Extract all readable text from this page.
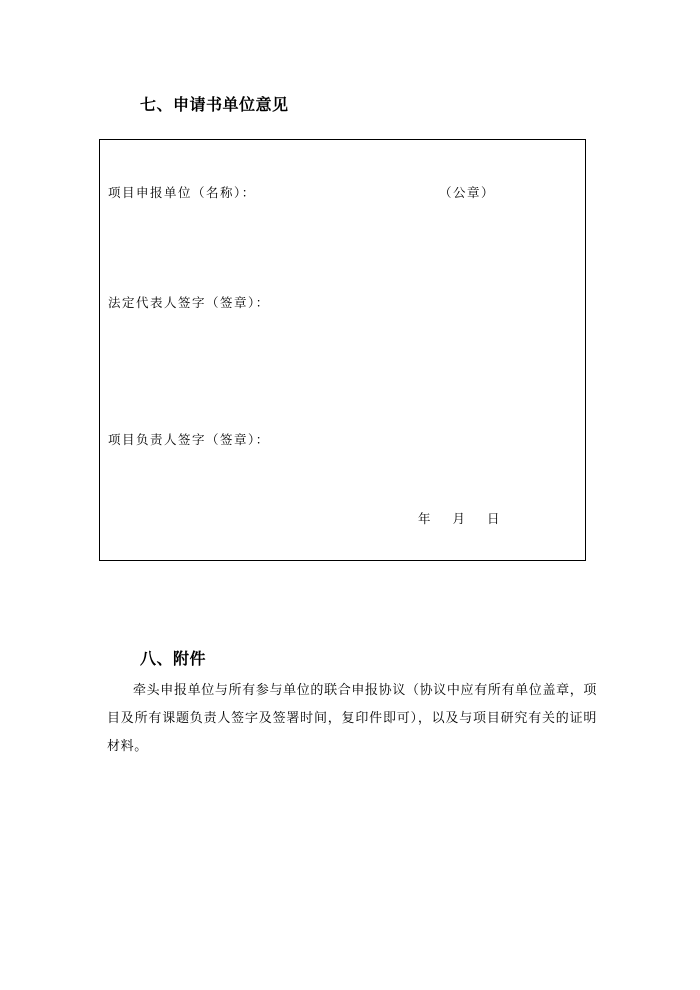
七、申请书单位意见
项目申报单位（名称）：	（公章）
法定代表人签字（签章）：
项目负责人签字（签章）：
年 月 日
八、附件
牵头申报单位与所有参与单位的联合申报协议（协议中应有所有单位盖章，项目及所有课题负责人签字及签署时间，复印件即可），以及与项目研究有关的证明材料。
